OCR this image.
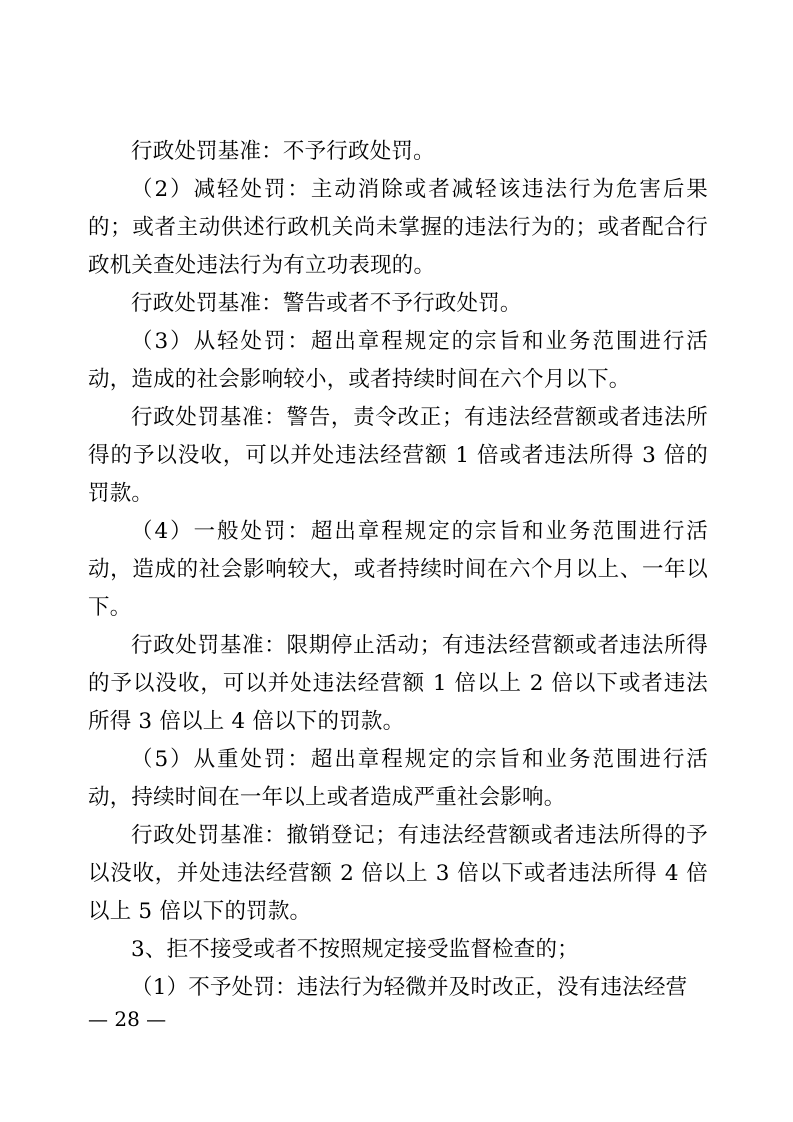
行政处罚基准：不予行政处罚。

（2）减轻处罚：主动消除或者减轻该违法行为危害后果的；或者主动供述行政机关尚未掌握的违法行为的；或者配合行政机关查处违法行为有立功表现的。

行政处罚基准：警告或者不予行政处罚。

（3）从轻处罚：超出章程规定的宗旨和业务范围进行活动，造成的社会影响较小，或者持续时间在六个月以下。

行政处罚基准：警告，责令改正；有违法经营额或者违法所得的予以没收，可以并处违法经营额 1 倍或者违法所得 3 倍的罚款。

（4）一般处罚：超出章程规定的宗旨和业务范围进行活动，造成的社会影响较大，或者持续时间在六个月以上、一年以下。

行政处罚基准：限期停止活动；有违法经营额或者违法所得的予以没收，可以并处违法经营额 1 倍以上 2 倍以下或者违法所得 3 倍以上 4 倍以下的罚款。

（5）从重处罚：超出章程规定的宗旨和业务范围进行活动，持续时间在一年以上或者造成严重社会影响。

行政处罚基准：撤销登记；有违法经营额或者违法所得的予以没收，并处违法经营额 2 倍以上 3 倍以下或者违法所得 4 倍以上 5 倍以下的罚款。

3、拒不接受或者不按照规定接受监督检查的；

（1）不予处罚：违法行为轻微并及时改正，没有违法经营

— 28 —
